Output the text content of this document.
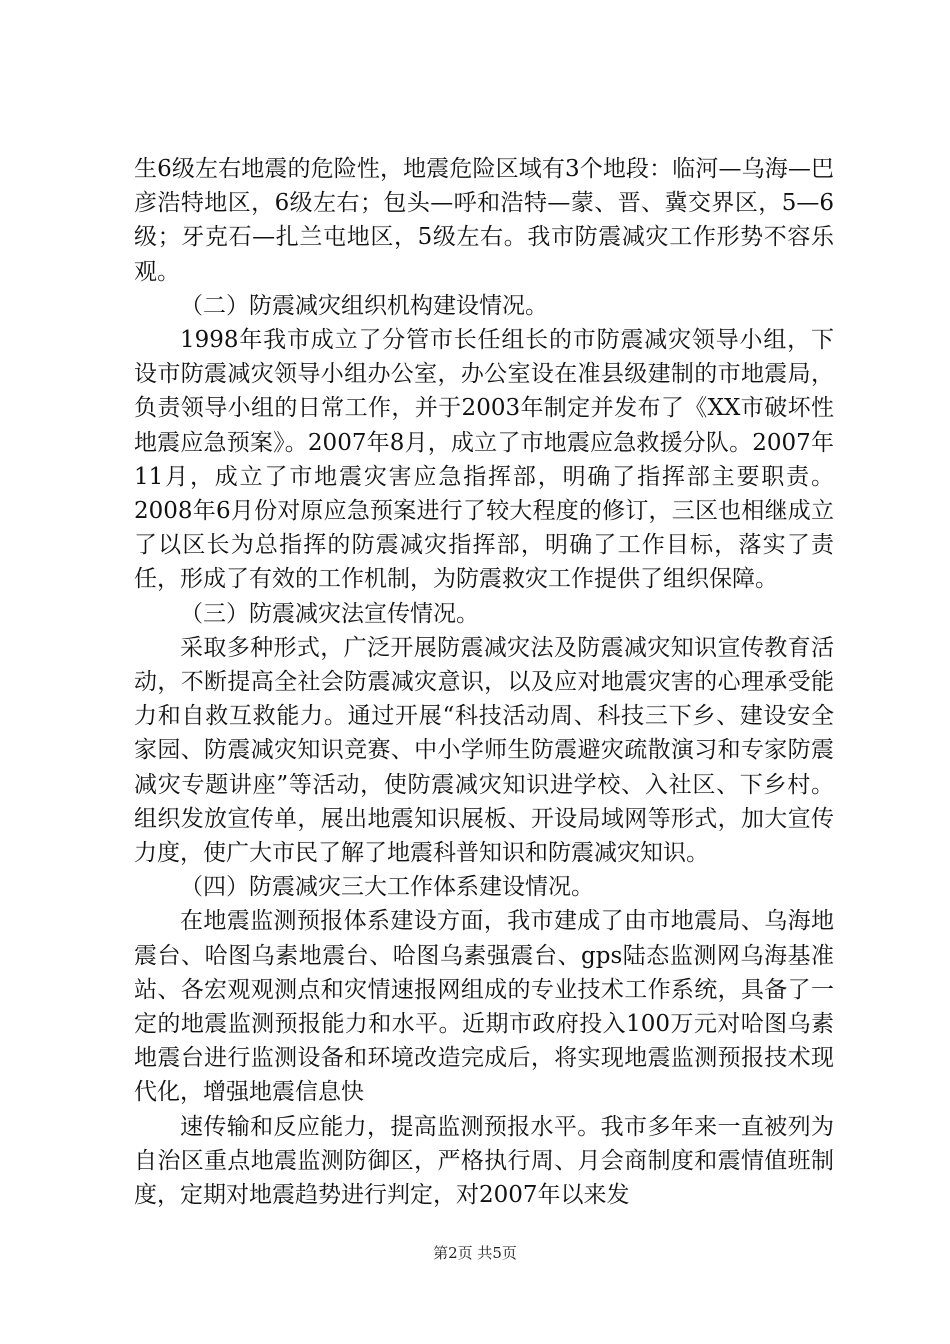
生6级左右地震的危险性，地震危险区域有3个地段：临河—乌海—巴彦浩特地区，6级左右；包头—呼和浩特—蒙、晋、冀交界区，5—6级；牙克石—扎兰屯地区，5级左右。我市防震减灾工作形势不容乐观。

（二）防震减灾组织机构建设情况。

1998年我市成立了分管市长任组长的市防震减灾领导小组，下设市防震减灾领导小组办公室，办公室设在准县级建制的市地震局，负责领导小组的日常工作，并于2003年制定并发布了《XX市破坏性地震应急预案》。2007年8月，成立了市地震应急救援分队。2007年11月，成立了市地震灾害应急指挥部，明确了指挥部主要职责。2008年6月份对原应急预案进行了较大程度的修订，三区也相继成立了以区长为总指挥的防震减灾指挥部，明确了工作目标，落实了责任，形成了有效的工作机制，为防震救灾工作提供了组织保障。

（三）防震减灾法宣传情况。

采取多种形式，广泛开展防震减灾法及防震减灾知识宣传教育活动，不断提高全社会防震减灾意识，以及应对地震灾害的心理承受能力和自救互救能力。通过开展“科技活动周、科技三下乡、建设安全家园、防震减灾知识竞赛、中小学师生防震避灾疏散演习和专家防震减灾专题讲座”等活动，使防震减灾知识进学校、入社区、下乡村。组织发放宣传单，展出地震知识展板、开设局域网等形式，加大宣传力度，使广大市民了解了地震科普知识和防震减灾知识。

（四）防震减灾三大工作体系建设情况。

在地震监测预报体系建设方面，我市建成了由市地震局、乌海地震台、哈图乌素地震台、哈图乌素强震台、gps陆态监测网乌海基准站、各宏观观测点和灾情速报网组成的专业技术工作系统，具备了一定的地震监测预报能力和水平。近期市政府投入100万元对哈图乌素地震台进行监测设备和环境改造完成后，将实现地震监测预报技术现代化，增强地震信息快

速传输和反应能力，提高监测预报水平。我市多年来一直被列为自治区重点地震监测防御区，严格执行周、月会商制度和震情值班制度，定期对地震趋势进行判定，对2007年以来发

第2页 共5页
